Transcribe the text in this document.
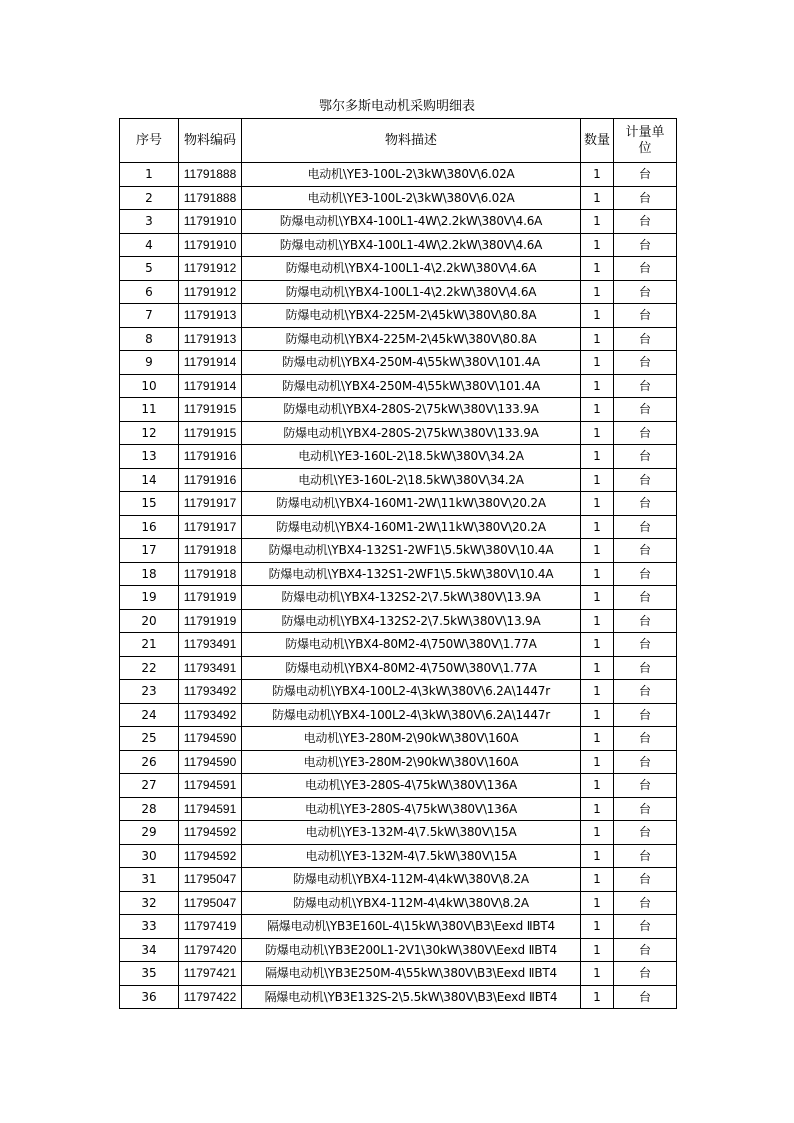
鄂尔多斯电动机采购明细表
序号	物料编码	物料描述	数量	计量单
位
1	11791888	电动机\YE3-100L-2\3kW\380V\6.02A	1	台
2	11791888	电动机\YE3-100L-2\3kW\380V\6.02A	1	台
3	11791910	防爆电动机\YBX4-100L1-4W\2.2kW\380V\4.6A	1	台
4	11791910	防爆电动机\YBX4-100L1-4W\2.2kW\380V\4.6A	1	台
5	11791912	防爆电动机\YBX4-100L1-4\2.2kW\380V\4.6A	1	台
6	11791912	防爆电动机\YBX4-100L1-4\2.2kW\380V\4.6A	1	台
7	11791913	防爆电动机\YBX4-225M-2\45kW\380V\80.8A	1	台
8	11791913	防爆电动机\YBX4-225M-2\45kW\380V\80.8A	1	台
9	11791914	防爆电动机\YBX4-250M-4\55kW\380V\101.4A	1	台
10	11791914	防爆电动机\YBX4-250M-4\55kW\380V\101.4A	1	台
11	11791915	防爆电动机\YBX4-280S-2\75kW\380V\133.9A	1	台
12	11791915	防爆电动机\YBX4-280S-2\75kW\380V\133.9A	1	台
13	11791916	电动机\YE3-160L-2\18.5kW\380V\34.2A	1	台
14	11791916	电动机\YE3-160L-2\18.5kW\380V\34.2A	1	台
15	11791917	防爆电动机\YBX4-160M1-2W\11kW\380V\20.2A	1	台
16	11791917	防爆电动机\YBX4-160M1-2W\11kW\380V\20.2A	1	台
17	11791918	防爆电动机\YBX4-132S1-2WF1\5.5kW\380V\10.4A	1	台
18	11791918	防爆电动机\YBX4-132S1-2WF1\5.5kW\380V\10.4A	1	台
19	11791919	防爆电动机\YBX4-132S2-2\7.5kW\380V\13.9A	1	台
20	11791919	防爆电动机\YBX4-132S2-2\7.5kW\380V\13.9A	1	台
21	11793491	防爆电动机\YBX4-80M2-4\750W\380V\1.77A	1	台
22	11793491	防爆电动机\YBX4-80M2-4\750W\380V\1.77A	1	台
23	11793492	防爆电动机\YBX4-100L2-4\3kW\380V\6.2A\1447r	1	台
24	11793492	防爆电动机\YBX4-100L2-4\3kW\380V\6.2A\1447r	1	台
25	11794590	电动机\YE3-280M-2\90kW\380V\160A	1	台
26	11794590	电动机\YE3-280M-2\90kW\380V\160A	1	台
27	11794591	电动机\YE3-280S-4\75kW\380V\136A	1	台
28	11794591	电动机\YE3-280S-4\75kW\380V\136A	1	台
29	11794592	电动机\YE3-132M-4\7.5kW\380V\15A	1	台
30	11794592	电动机\YE3-132M-4\7.5kW\380V\15A	1	台
31	11795047	防爆电动机\YBX4-112M-4\4kW\380V\8.2A	1	台
32	11795047	防爆电动机\YBX4-112M-4\4kW\380V\8.2A	1	台
33	11797419	隔爆电动机\YB3E160L-4\15kW\380V\B3\Eexd ⅡBT4	1	台
34	11797420	防爆电动机\YB3E200L1-2V1\30kW\380V\Eexd ⅡBT4	1	台
35	11797421	隔爆电动机\YB3E250M-4\55kW\380V\B3\Eexd ⅡBT4	1	台
36	11797422	隔爆电动机\YB3E132S-2\5.5kW\380V\B3\Eexd ⅡBT4	1	台
